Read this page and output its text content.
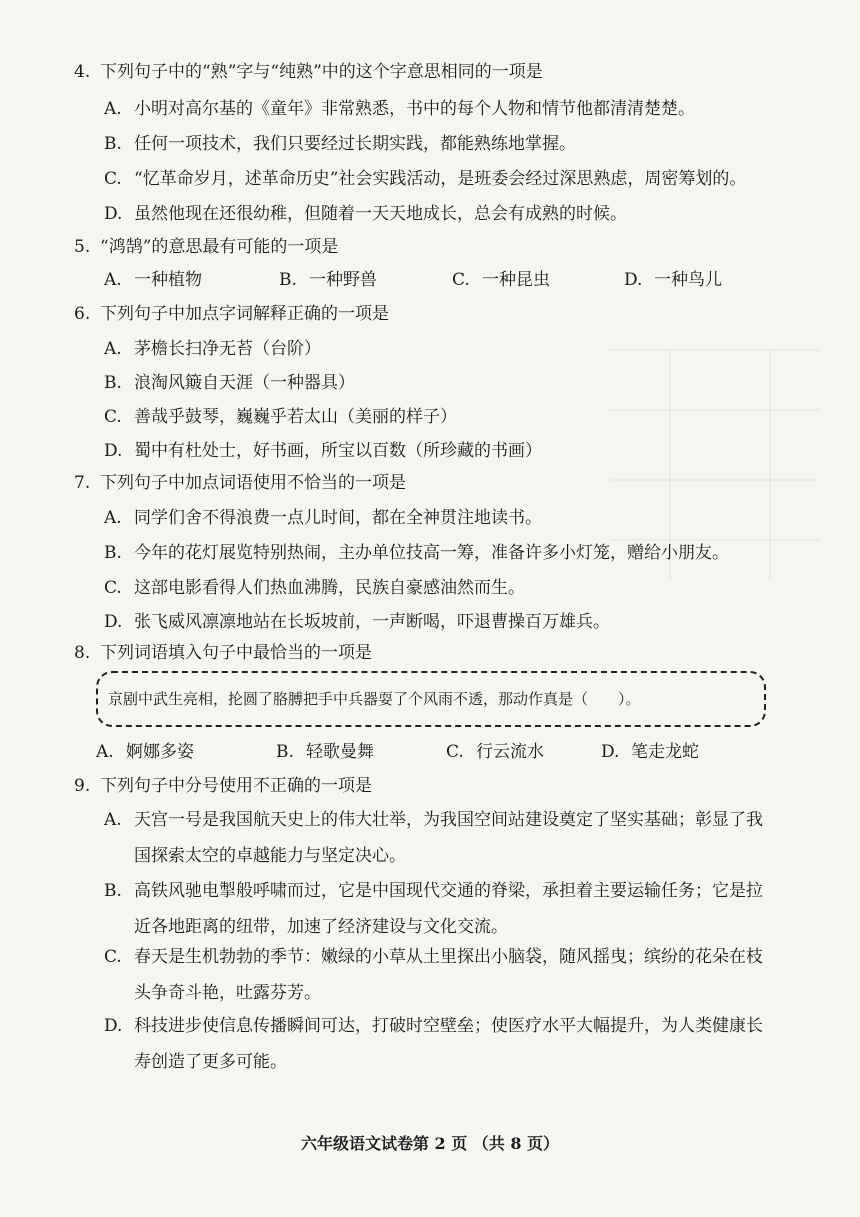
4. 下列句子中的“熟”字与“纯熟”中的这个字意思相同的一项是
A. 小明对高尔基的《童年》非常熟悉，书中的每个人物和情节他都清清楚楚。
B. 任何一项技术，我们只要经过长期实践，都能熟练地掌握。
C. “忆革命岁月，述革命历史”社会实践活动，是班委会经过深思熟虑，周密筹划的。
D. 虽然他现在还很幼稚，但随着一天天地成长，总会有成熟的时候。
5. “鸿鹄”的意思最有可能的一项是
A. 一种植物	B. 一种野兽	C. 一种昆虫	D. 一种鸟儿
6. 下列句子中加点字词解释正确的一项是
A. 茅檐长扫净无苔（台阶）
B. 浪淘风簸自天涯（一种器具）
C. 善哉乎鼓琴，巍巍乎若太山（美丽的样子）
D. 蜀中有杜处士，好书画，所宝以百数（所珍藏的书画）
7. 下列句子中加点词语使用不恰当的一项是
A. 同学们舍不得浪费一点儿时间，都在全神贯注地读书。
B. 今年的花灯展览特别热闹，主办单位技高一筹，准备许多小灯笼，赠给小朋友。
C. 这部电影看得人们热血沸腾，民族自豪感油然而生。
D. 张飞威风凛凛地站在长坂坡前，一声断喝，吓退曹操百万雄兵。
8. 下列词语填入句子中最恰当的一项是
京剧中武生亮相，抡圆了胳膊把手中兵器耍了个风雨不透，那动作真是（　　）。
A. 婀娜多姿	B. 轻歌曼舞	C. 行云流水	D. 笔走龙蛇
9. 下列句子中分号使用不正确的一项是
A. 天宫一号是我国航天史上的伟大壮举，为我国空间站建设奠定了坚实基础；彰显了我国探索太空的卓越能力与坚定决心。
B. 高铁风驰电掣般呼啸而过，它是中国现代交通的脊梁，承担着主要运输任务；它是拉近各地距离的纽带，加速了经济建设与文化交流。
C. 春天是生机勃勃的季节：嫩绿的小草从土里探出小脑袋，随风摇曳；缤纷的花朵在枝头争奇斗艳，吐露芬芳。
D. 科技进步使信息传播瞬间可达，打破时空壁垒；使医疗水平大幅提升，为人类健康长寿创造了更多可能。
六年级语文试卷第 2 页 （共 8 页）
